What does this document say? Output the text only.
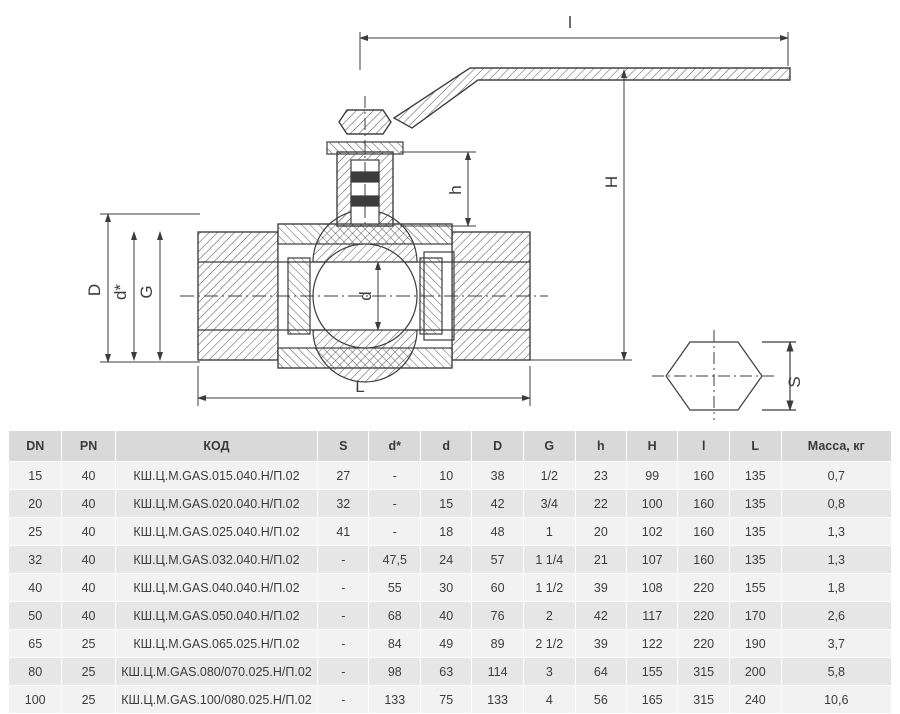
l
h
H
D d* G	d
L	S
DN	PN	КОД	S	d*	d	D	G	h	H	l	L	Масса, кг
15	40	КШ.Ц.М.GAS.015.040.Н/П.02	27	-	10	38	1/2	23	99	160	135	0,7
20	40	КШ.Ц.М.GAS.020.040.Н/П.02	32	-	15	42	3/4	22	100	160	135	0,8
25	40	КШ.Ц.М.GAS.025.040.Н/П.02	41	-	18	48	1	20	102	160	135	1,3
32	40	КШ.Ц.М.GAS.032.040.Н/П.02	-	47,5	24	57	1 1/4	21	107	160	135	1,3
40	40	КШ.Ц.М.GAS.040.040.Н/П.02	-	55	30	60	1 1/2	39	108	220	155	1,8
50	40	КШ.Ц.М.GAS.050.040.Н/П.02	-	68	40	76	2	42	117	220	170	2,6
65	25	КШ.Ц.М.GAS.065.025.Н/П.02	-	84	49	89	2 1/2	39	122	220	190	3,7
80	25	КШ.Ц.М.GAS.080/070.025.Н/П.02	-	98	63	114	3	64	155	315	200	5,8
100	25	КШ.Ц.М.GAS.100/080.025.Н/П.02	-	133	75	133	4	56	165	315	240	10,6
